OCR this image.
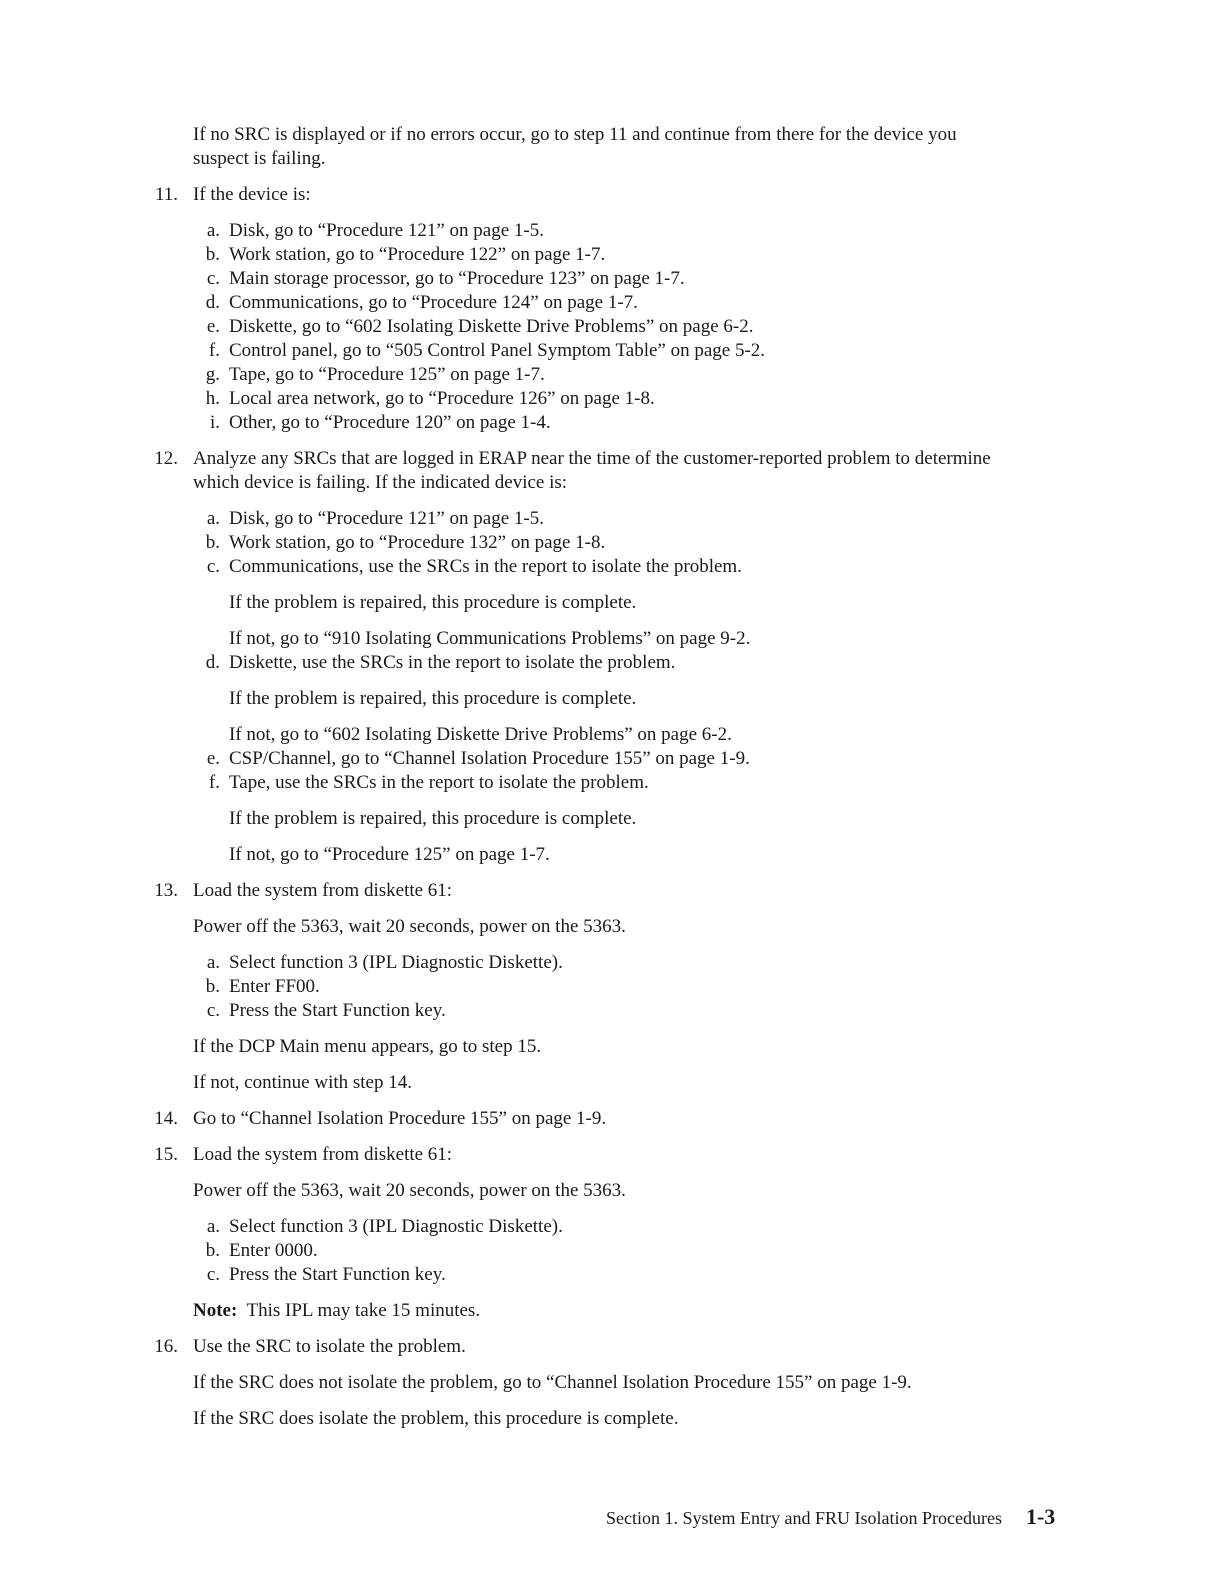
If no SRC is displayed or if no errors occur, go to step 11 and continue from there for the device you

suspect is failing.

11. If the device is:

a. Disk, go to “Procedure 121” on page 1-5.

b. Work station, go to “Procedure 122” on page 1-7.

c. Main storage processor, go to “Procedure 123” on page 1-7.

d. Communications, go to “Procedure 124” on page 1-7.

e. Diskette, go to “602 Isolating Diskette Drive Problems” on page 6-2.

f. Control panel, go to “505 Control Panel Symptom Table” on page 5-2.

g. Tape, go to “Procedure 125” on page 1-7.

h. Local area network, go to “Procedure 126” on page 1-8.

i. Other, go to “Procedure 120” on page 1-4.

12. Analyze any SRCs that are logged in ERAP near the time of the customer-reported problem to determine

which device is failing. If the indicated device is:

a. Disk, go to “Procedure 121” on page 1-5.

b. Work station, go to “Procedure 132” on page 1-8.

c. Communications, use the SRCs in the report to isolate the problem.

If the problem is repaired, this procedure is complete.

If not, go to “910 Isolating Communications Problems” on page 9-2.

d. Diskette, use the SRCs in the report to isolate the problem.

If the problem is repaired, this procedure is complete.

If not, go to “602 Isolating Diskette Drive Problems” on page 6-2.

e. CSP/Channel, go to “Channel Isolation Procedure 155” on page 1-9.

f. Tape, use the SRCs in the report to isolate the problem.

If the problem is repaired, this procedure is complete.

If not, go to “Procedure 125” on page 1-7.

13. Load the system from diskette 61:

Power off the 5363, wait 20 seconds, power on the 5363.

a. Select function 3 (IPL Diagnostic Diskette).

b. Enter FF00.

c. Press the Start Function key.

If the DCP Main menu appears, go to step 15.

If not, continue with step 14.

14. Go to “Channel Isolation Procedure 155” on page 1-9.

15. Load the system from diskette 61:

Power off the 5363, wait 20 seconds, power on the 5363.

a. Select function 3 (IPL Diagnostic Diskette).

b. Enter 0000.

c. Press the Start Function key.

Note: This IPL may take 15 minutes.

16. Use the SRC to isolate the problem.

If the SRC does not isolate the problem, go to “Channel Isolation Procedure 155” on page 1-9.

If the SRC does isolate the problem, this procedure is complete.

Section 1. System Entry and FRU Isolation Procedures 1-3
